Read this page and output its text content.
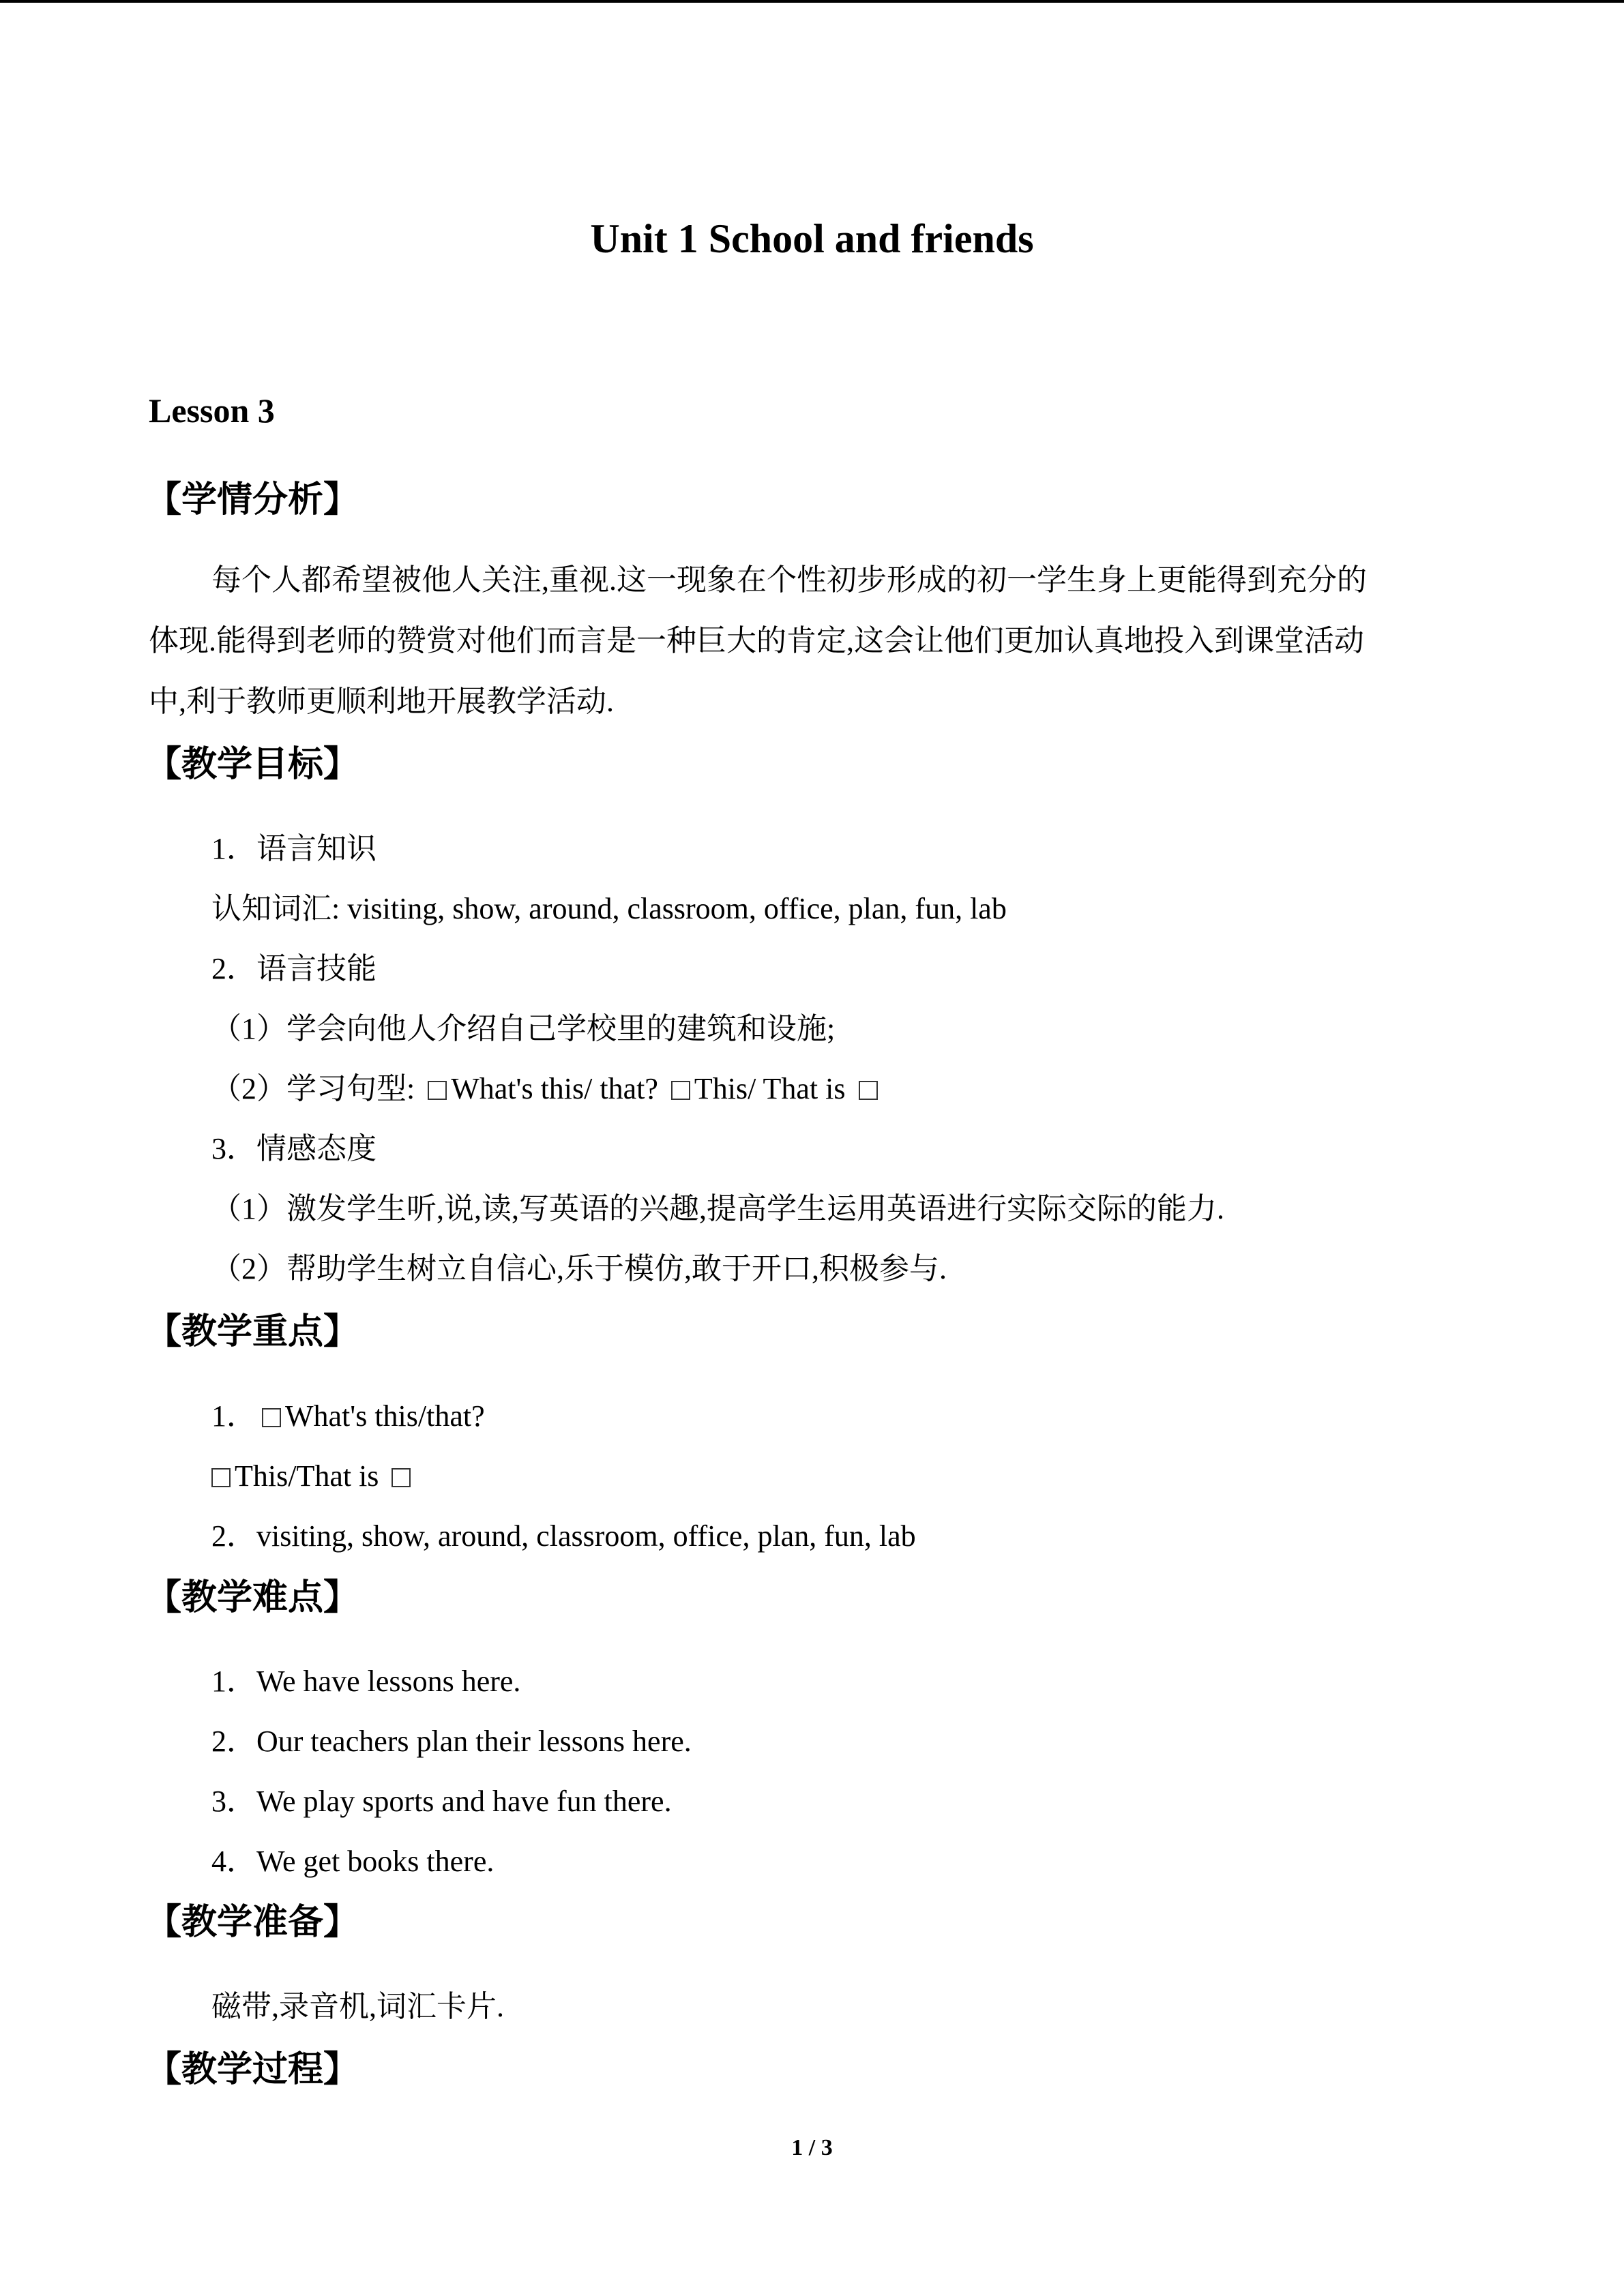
Unit 1 School and friends
Lesson 3
【学情分析】
每个人都希望被他人关注,重视.这一现象在个性初步形成的初一学生身上更能得到充分的
体现.能得到老师的赞赏对他们而言是一种巨大的肯定,这会让他们更加认真地投入到课堂活动
中,利于教师更顺利地开展教学活动.
【教学目标】
1．语言知识
认知词汇: visiting, show, around, classroom, office, plan, fun, lab
2．语言技能
（1）学会向他人介绍自己学校里的建筑和设施;
（2）学习句型: What's this/ that? This/ That is
3．情感态度
（1）激发学生听,说,读,写英语的兴趣,提高学生运用英语进行实际交际的能力.
（2）帮助学生树立自信心,乐于模仿,敢于开口,积极参与.
【教学重点】
1． What's this/that?
This/That is
2．visiting, show, around, classroom, office, plan, fun, lab
【教学难点】
1．We have lessons here.
2．Our teachers plan their lessons here.
3．We play sports and have fun there.
4．We get books there.
【教学准备】
磁带,录音机,词汇卡片.
【教学过程】
1 / 3
